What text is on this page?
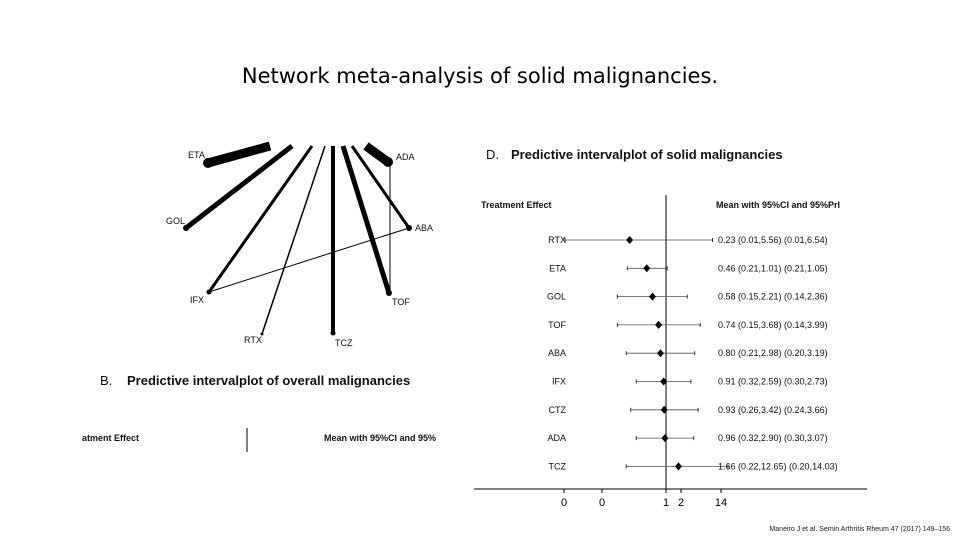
Network meta-analysis of solid malignancies.
ETA	ADA
GOL
ABA
IFX	TOF
RTX	TCZ
B. Predictive intervalplot of overall malignancies
atment Effect	Mean with 95%CI and 95%
D. Predictive intervalplot of solid malignancies
Treatment Effect	Mean with 95%CI and 95%PrI
RTX	0.23 (0.01,5.56) (0.01,6.54)
ETA	0.46 (0.21,1.01) (0.21,1.05)
GOL	0.58 (0.15,2.21) (0.14,2.36)
TOF	0.74 (0.15,3.68) (0.14,3.99)
ABA	0.80 (0.21,2.98) (0.20,3.19)
IFX	0.91 (0.32,2.59) (0.30,2.73)
CTZ	0.93 (0.26,3.42) (0.24,3.66)
ADA	0.96 (0.32,2.90) (0.30,3.07)
TCZ	1.66 (0.22,12.65) (0.20,14.03)
0	0	1 2	14
Maneiro J et al. Semin Arthritis Rheum 47 (2017) 149–156
